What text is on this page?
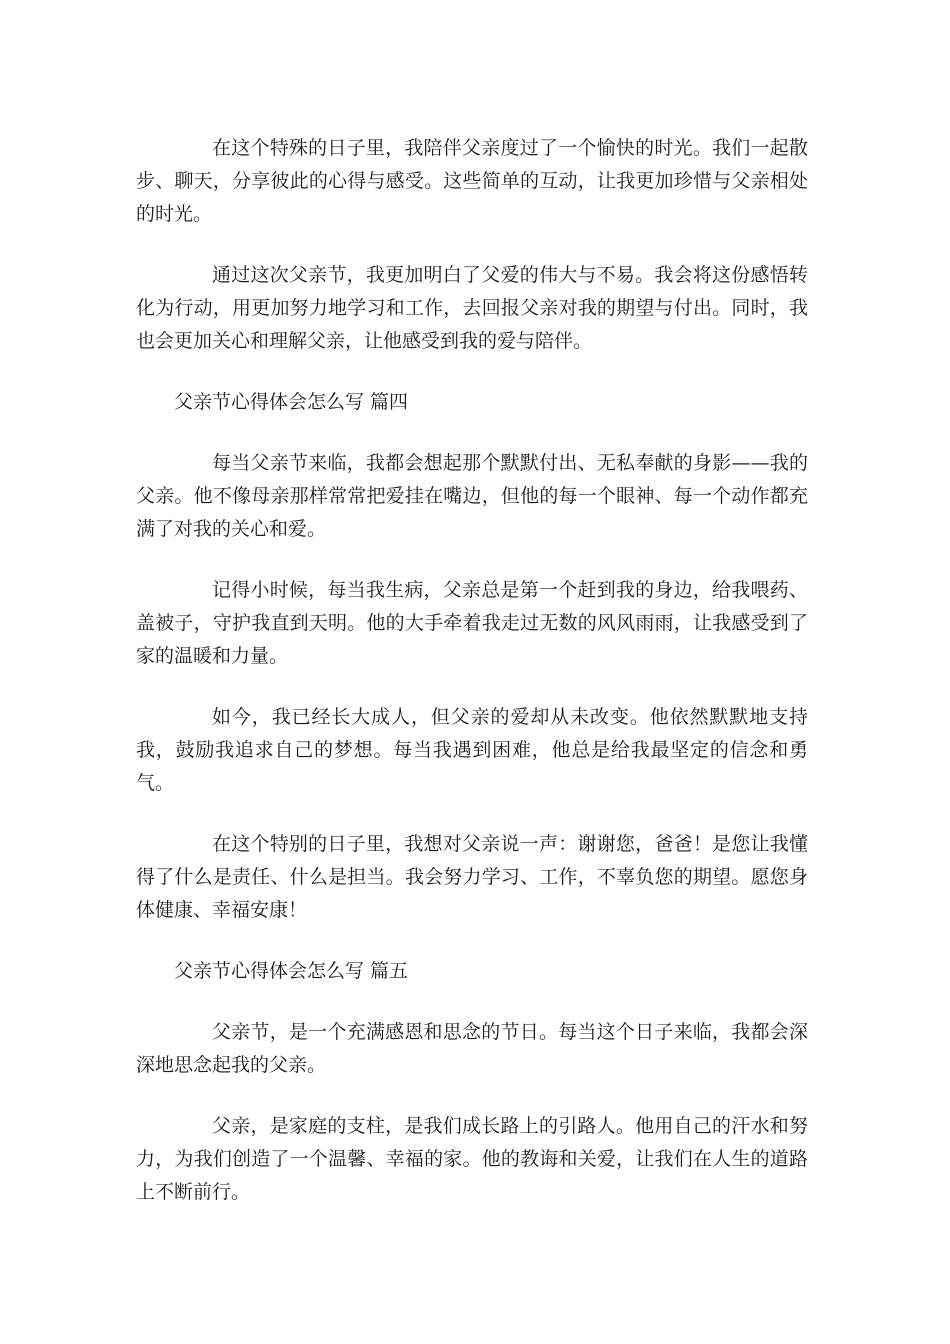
在这个特殊的日子里，我陪伴父亲度过了一个愉快的时光。我们一起散步、聊天，分享彼此的心得与感受。这些简单的互动，让我更加珍惜与父亲相处的时光。

通过这次父亲节，我更加明白了父爱的伟大与不易。我会将这份感悟转化为行动，用更加努力地学习和工作，去回报父亲对我的期望与付出。同时，我也会更加关心和理解父亲，让他感受到我的爱与陪伴。

父亲节心得体会怎么写 篇四

每当父亲节来临，我都会想起那个默默付出、无私奉献的身影——我的父亲。他不像母亲那样常常把爱挂在嘴边，但他的每一个眼神、每一个动作都充满了对我的关心和爱。

记得小时候，每当我生病，父亲总是第一个赶到我的身边，给我喂药、盖被子，守护我直到天明。他的大手牵着我走过无数的风风雨雨，让我感受到了家的温暖和力量。

如今，我已经长大成人，但父亲的爱却从未改变。他依然默默地支持我，鼓励我追求自己的梦想。每当我遇到困难，他总是给我最坚定的信念和勇气。

在这个特别的日子里，我想对父亲说一声：谢谢您，爸爸！是您让我懂得了什么是责任、什么是担当。我会努力学习、工作，不辜负您的期望。愿您身体健康、幸福安康！

父亲节心得体会怎么写 篇五

父亲节，是一个充满感恩和思念的节日。每当这个日子来临，我都会深深地思念起我的父亲。

父亲，是家庭的支柱，是我们成长路上的引路人。他用自己的汗水和努力，为我们创造了一个温馨、幸福的家。他的教诲和关爱，让我们在人生的道路上不断前行。
